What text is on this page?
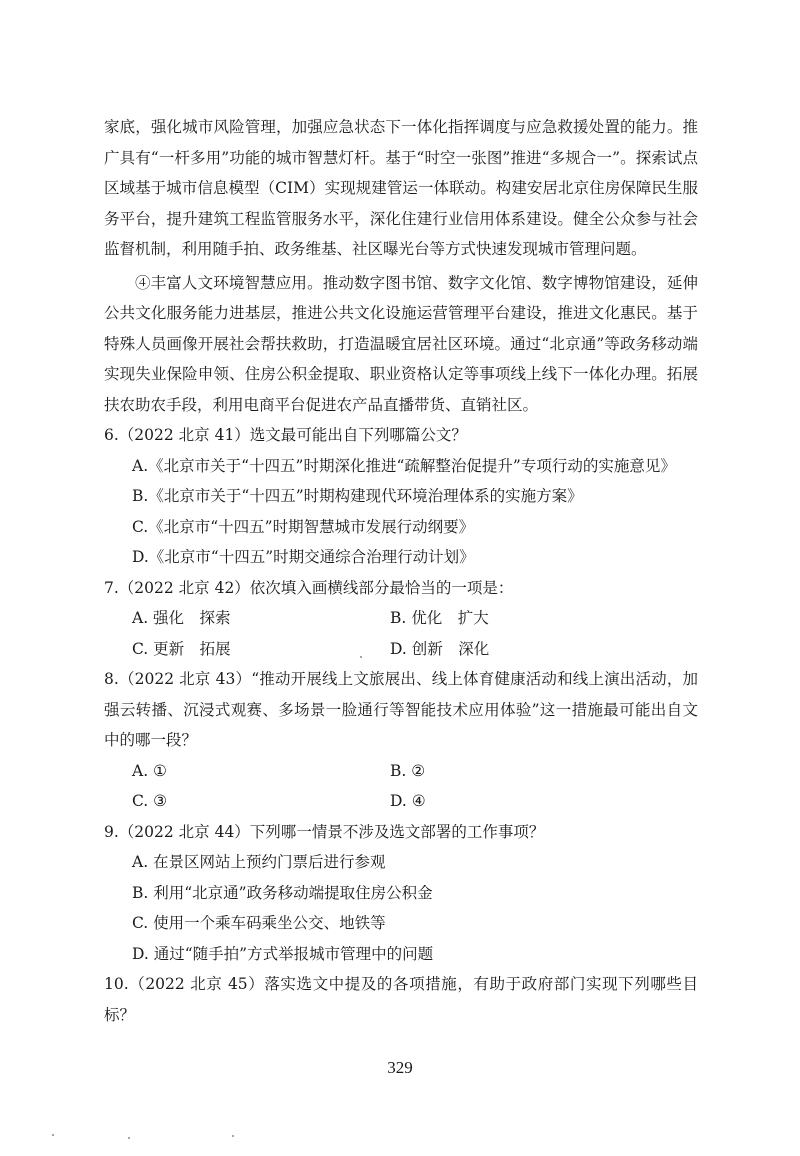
家底，强化城市风险管理，加强应急状态下一体化指挥调度与应急救援处置的能力。推广具有“一杆多用”功能的城市智慧灯杆。基于“时空一张图”推进“多规合一”。探索试点区域基于城市信息模型（CIM）实现规建管运一体联动。构建安居北京住房保障民生服务平台，提升建筑工程监管服务水平，深化住建行业信用体系建设。健全公众参与社会监督机制，利用随手拍、政务维基、社区曝光台等方式快速发现城市管理问题。

④丰富人文环境智慧应用。推动数字图书馆、数字文化馆、数字博物馆建设，延伸公共文化服务能力进基层，推进公共文化设施运营管理平台建设，推进文化惠民。基于特殊人员画像开展社会帮扶救助，打造温暖宜居社区环境。通过“北京通”等政务移动端实现失业保险申领、住房公积金提取、职业资格认定等事项线上线下一体化办理。拓展扶农助农手段，利用电商平台促进农产品直播带货、直销社区。

6.（2022 北京 41）选文最可能出自下列哪篇公文？

A.《北京市关于“十四五”时期深化推进“疏解整治促提升”专项行动的实施意见》

B.《北京市关于“十四五”时期构建现代环境治理体系的实施方案》

C.《北京市“十四五”时期智慧城市发展行动纲要》

D.《北京市“十四五”时期交通综合治理行动计划》

7.（2022 北京 42）依次填入画横线部分最恰当的一项是：

A. 强化　探索	B. 优化　扩大
C. 更新　拓展	D. 创新　深化

8.（2022 北京 43）“推动开展线上文旅展出、线上体育健康活动和线上演出活动，加强云转播、沉浸式观赛、多场景一脸通行等智能技术应用体验”这一措施最可能出自文中的哪一段？

A. ①	B. ②
C. ③	D. ④

9.（2022 北京 44）下列哪一情景不涉及选文部署的工作事项？

A. 在景区网站上预约门票后进行参观

B. 利用“北京通”政务移动端提取住房公积金

C. 使用一个乘车码乘坐公交、地铁等

D. 通过“随手拍”方式举报城市管理中的问题

10.（2022 北京 45）落实选文中提及的各项措施，有助于政府部门实现下列哪些目标？

329
